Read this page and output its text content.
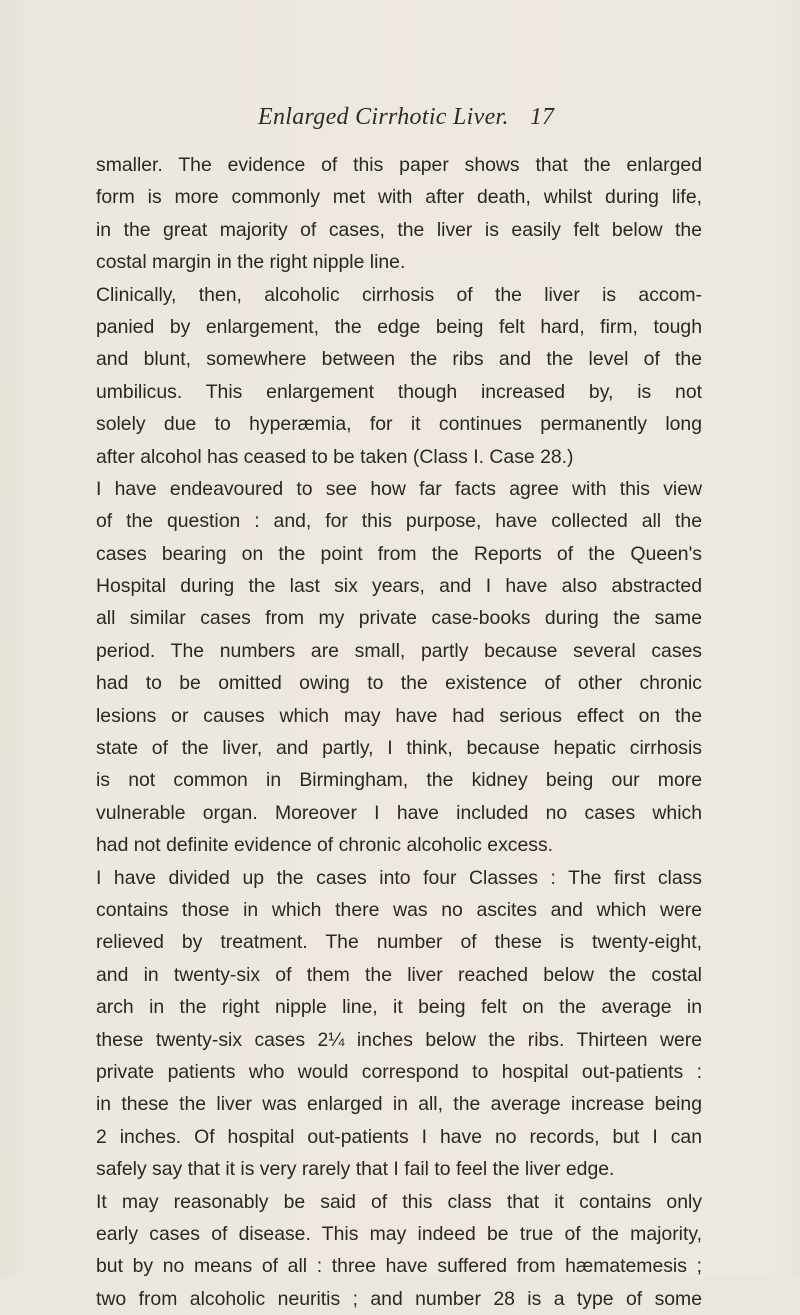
Enlarged Cirrhotic Liver. 17
smaller. The evidence of this paper shows that the enlarged
form is more commonly met with after death, whilst during life,
in the great majority of cases, the liver is easily felt below the
costal margin in the right nipple line.
Clinically, then, alcoholic cirrhosis of the liver is accom-
panied by enlargement, the edge being felt hard, firm, tough
and blunt, somewhere between the ribs and the level of the
umbilicus. This enlargement though increased by, is not
solely due to hyperæmia, for it continues permanently long
after alcohol has ceased to be taken (Class I. Case 28.)
I have endeavoured to see how far facts agree with this view
of the question : and, for this purpose, have collected all the
cases bearing on the point from the Reports of the Queen's
Hospital during the last six years, and I have also abstracted
all similar cases from my private case-books during the same
period. The numbers are small, partly because several cases
had to be omitted owing to the existence of other chronic
lesions or causes which may have had serious effect on the
state of the liver, and partly, I think, because hepatic cirrhosis
is not common in Birmingham, the kidney being our more
vulnerable organ. Moreover I have included no cases which
had not definite evidence of chronic alcoholic excess.
I have divided up the cases into four Classes : The first class
contains those in which there was no ascites and which were
relieved by treatment. The number of these is twenty-eight,
and in twenty-six of them the liver reached below the costal
arch in the right nipple line, it being felt on the average in
these twenty-six cases 2¼ inches below the ribs. Thirteen were
private patients who would correspond to hospital out-patients :
in these the liver was enlarged in all, the average increase being
2 inches. Of hospital out-patients I have no records, but I can
safely say that it is very rarely that I fail to feel the liver edge.
It may reasonably be said of this class that it contains only
early cases of disease. This may indeed be true of the majority,
but by no means of all : three have suffered from hæmatemesis ;
two from alcoholic neuritis ; and number 28 is a type of some
